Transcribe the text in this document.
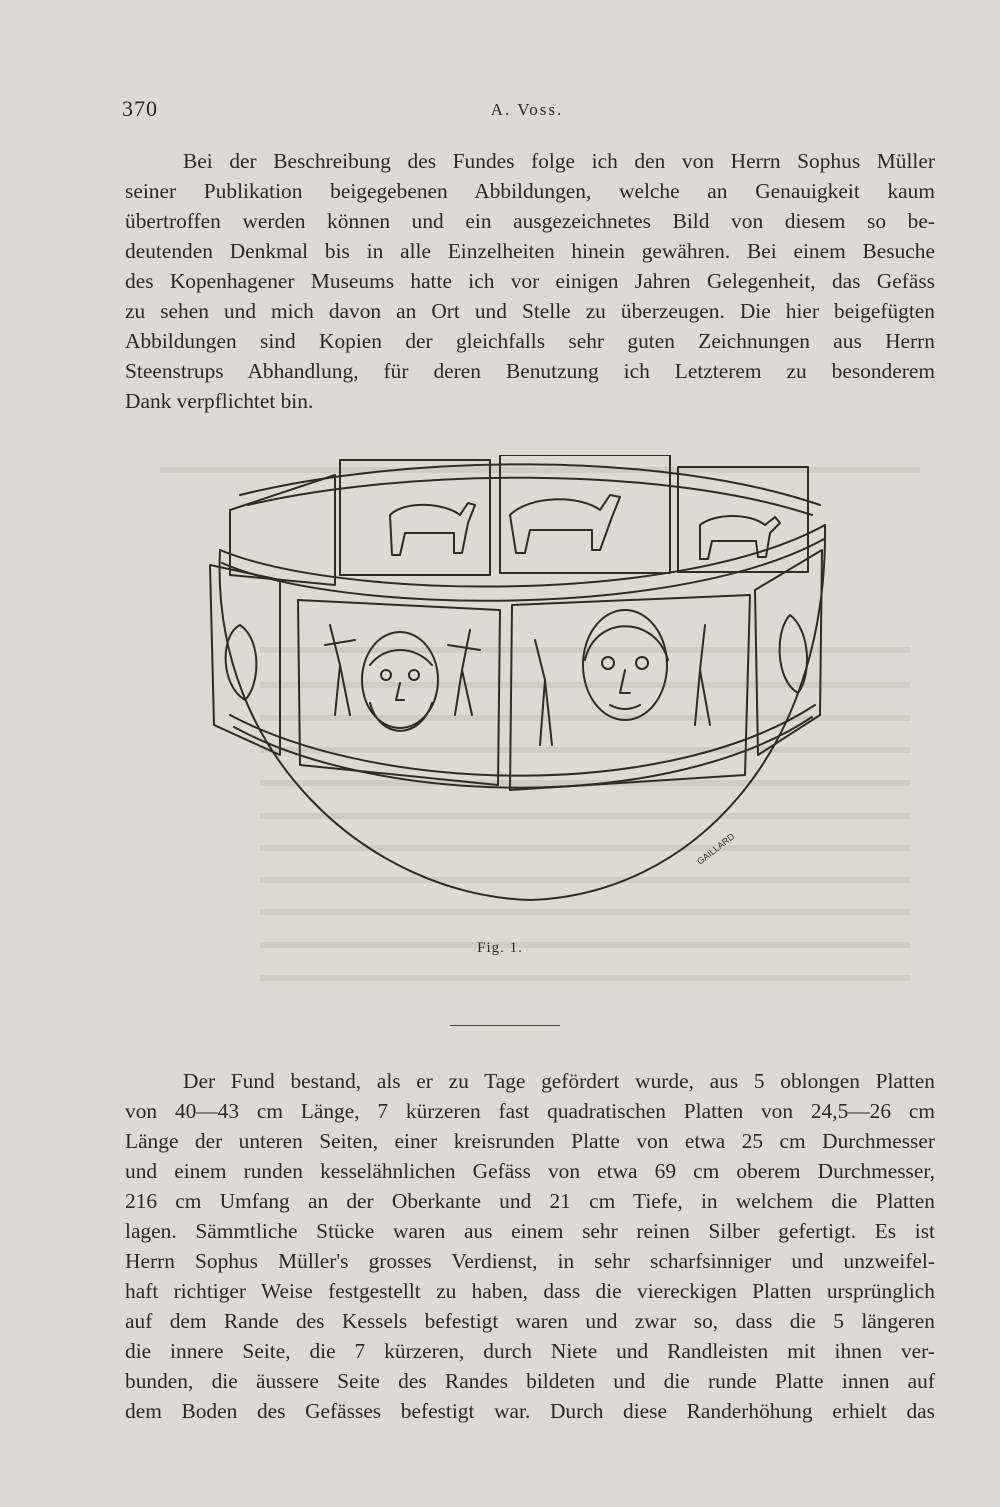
370	A. Voss.
Bei der Beschreibung des Fundes folge ich den von Herrn Sophus Müller
seiner Publikation beigegebenen Abbildungen, welche an Genauigkeit kaum
übertroffen werden können und ein ausgezeichnetes Bild von diesem so be-
deutenden Denkmal bis in alle Einzelheiten hinein gewähren. Bei einem Besuche
des Kopenhagener Museums hatte ich vor einigen Jahren Gelegenheit, das Gefäss
zu sehen und mich davon an Ort und Stelle zu überzeugen. Die hier beigefügten
Abbildungen sind Kopien der gleichfalls sehr guten Zeichnungen aus Herrn
Steenstrups Abhandlung, für deren Benutzung ich Letzterem zu besonderem
Dank verpflichtet bin.
GAILLARD
Fig. 1.
Der Fund bestand, als er zu Tage gefördert wurde, aus 5 oblongen Platten
von 40—43 cm Länge, 7 kürzeren fast quadratischen Platten von 24,5—26 cm
Länge der unteren Seiten, einer kreisrunden Platte von etwa 25 cm Durchmesser
und einem runden kesselähnlichen Gefäss von etwa 69 cm oberem Durchmesser,
216 cm Umfang an der Oberkante und 21 cm Tiefe, in welchem die Platten
lagen. Sämmtliche Stücke waren aus einem sehr reinen Silber gefertigt. Es ist
Herrn Sophus Müller's grosses Verdienst, in sehr scharfsinniger und unzweifel-
haft richtiger Weise festgestellt zu haben, dass die viereckigen Platten ursprünglich
auf dem Rande des Kessels befestigt waren und zwar so, dass die 5 längeren
die innere Seite, die 7 kürzeren, durch Niete und Randleisten mit ihnen ver-
bunden, die äussere Seite des Randes bildeten und die runde Platte innen auf
dem Boden des Gefässes befestigt war. Durch diese Randerhöhung erhielt das
